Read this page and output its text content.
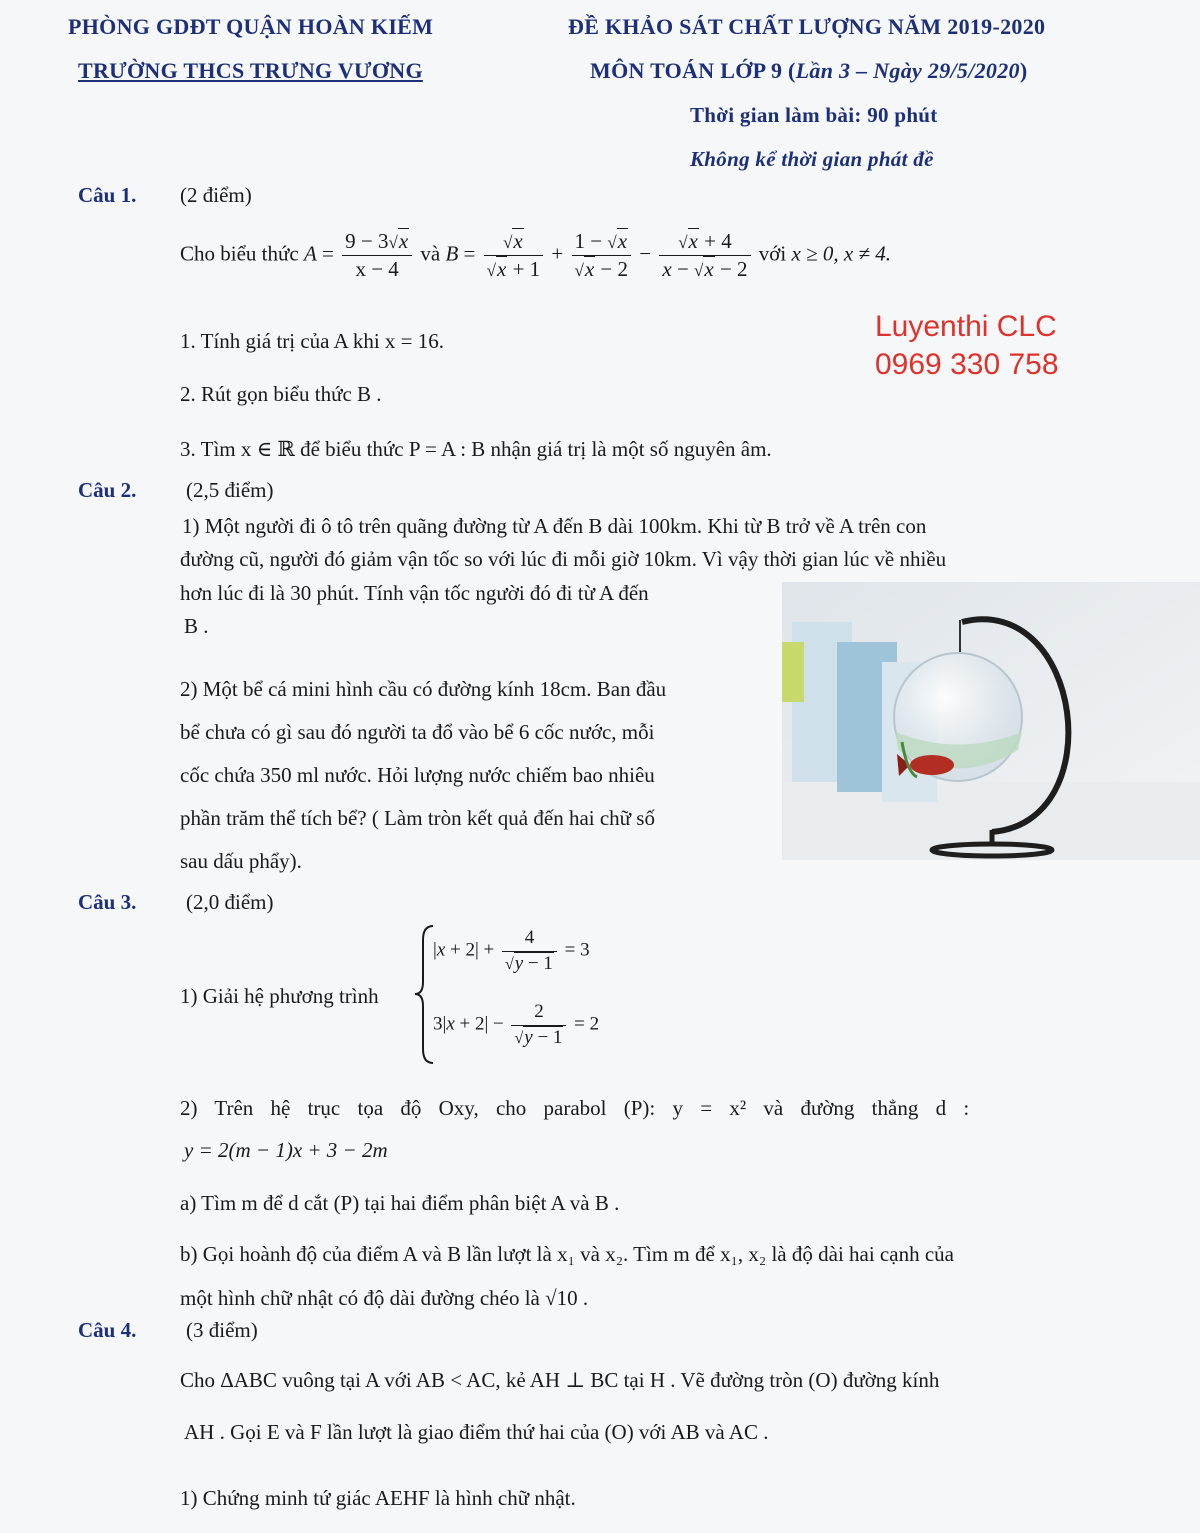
PHÒNG GDĐT QUẬN HOÀN KIẾM
TRƯỜNG THCS TRƯNG VƯƠNG
ĐỀ KHẢO SÁT CHẤT LƯỢNG NĂM 2019-2020
MÔN TOÁN LỚP 9 (Lần 3 – Ngày 29/5/2020)
Thời gian làm bài: 90 phút
Không kể thời gian phát đề
Luyenthi CLC
0969 330 758
Câu 1. (2 điểm)
Cho biểu thức $A = \frac{9 - 3√x}{x - 4}$ và $B = \frac{√x}{√x + 1} + \frac{1 - √x}{√x - 2} - \frac{√x + 4}{x - √x - 2}$ với x ≥ 0, x ≠ 4.
1. Tính giá trị của A khi x = 16.
2. Rút gọn biểu thức B .
3. Tìm x ∈ ℝ để biểu thức P = A : B nhận giá trị là một số nguyên âm.
Câu 2. (2,5 điểm)
1) Một người đi ô tô trên quãng đường từ A đến B dài 100km. Khi từ B trở về A trên con
đường cũ, người đó giảm vận tốc so với lúc đi mỗi giờ 10km. Vì vậy thời gian lúc về nhiều
hơn lúc đi là 30 phút. Tính vận tốc người đó đi từ A đến
B .
2) Một bể cá mini hình cầu có đường kính 18cm. Ban đầu
bể chưa có gì sau đó người ta đổ vào bể 6 cốc nước, mỗi
cốc chứa 350 ml nước. Hỏi lượng nước chiếm bao nhiêu
phần trăm thể tích bể? ( Làm tròn kết quả đến hai chữ số
sau dấu phẩy).
Câu 3. (2,0 điểm)
1) Giải hệ phương trình
$|x + 2| + \frac{4}{√y - 1} = 3$
$3|x + 2| - \frac{2}{√y - 1} = 2$
2) Trên hệ trục tọa độ Oxy, cho parabol (P): y = x² và đường thẳng d :
y = 2(m − 1)x + 3 − 2m
a) Tìm m để d cắt (P) tại hai điểm phân biệt A và B .
b) Gọi hoành độ của điểm A và B lần lượt là x₁ và x₂. Tìm m để x₁, x₂ là độ dài hai cạnh của
một hình chữ nhật có độ dài đường chéo là √10 .
Câu 4. (3 điểm)
Cho ΔABC vuông tại A với AB < AC, kẻ AH ⊥ BC tại H . Vẽ đường tròn (O) đường kính
AH . Gọi E và F lần lượt là giao điểm thứ hai của (O) với AB và AC .
1) Chứng minh tứ giác AEHF là hình chữ nhật.
